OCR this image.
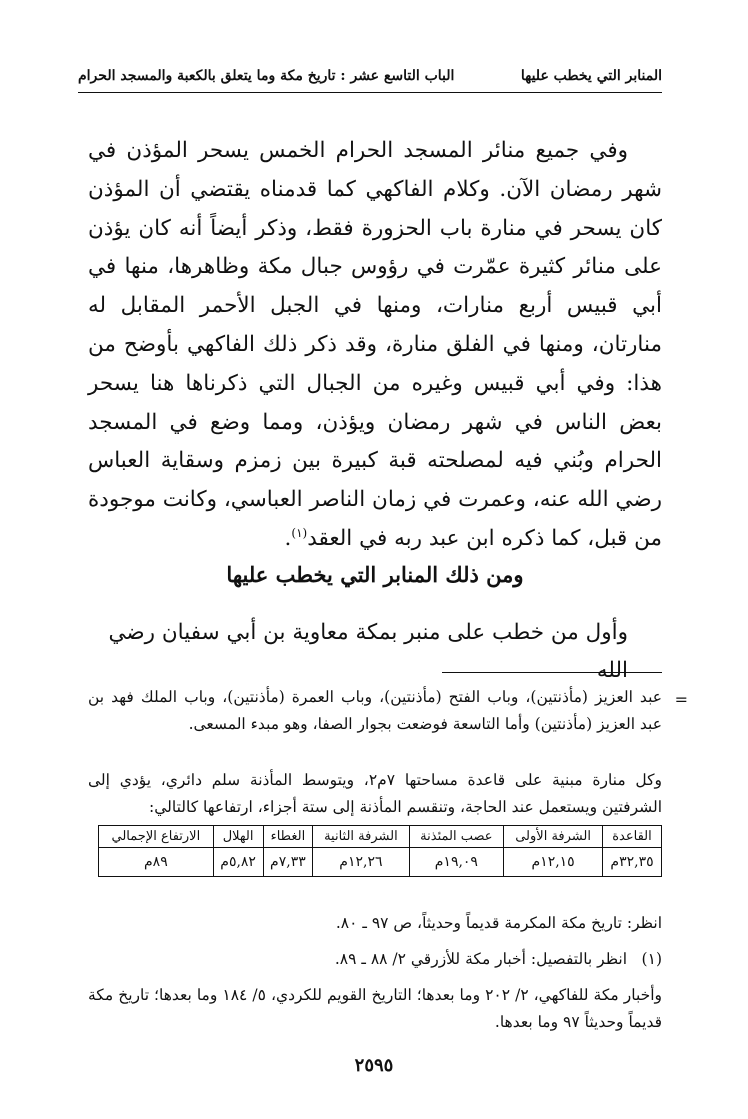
المنابر التي يخطب عليها
الباب التاسع عشر : تاريخ مكة وما يتعلق بالكعبة والمسجد الحرام

وفي جميع منائر المسجد الحرام الخمس يسحر المؤذن في شهر رمضان الآن. وكلام الفاكهي كما قدمناه يقتضي أن المؤذن كان يسحر في منارة باب الحزورة فقط، وذكر أيضاً أنه كان يؤذن على منائر كثيرة عمّرت في رؤوس جبال مكة وظاهرها، منها في أبي قبيس أربع منارات، ومنها في الجبل الأحمر المقابل له منارتان، ومنها في الفلق منارة، وقد ذكر ذلك الفاكهي بأوضح من هذا: وفي أبي قبيس وغيره من الجبال التي ذكرناها هنا يسحر بعض الناس في شهر رمضان ويؤذن، ومما وضع في المسجد الحرام وبُني فيه لمصلحته قبة كبيرة بين زمزم وسقاية العباس رضي الله عنه، وعمرت في زمان الناصر العباسي، وكانت موجودة من قبل، كما ذكره ابن عبد ربه في العقد$^{(١)}$.

ومن ذلك المنابر التي يخطب عليها
وأول من خطب على منبر بمكة معاوية بن أبي سفيان رضي الله
=

عبد العزيز (مأذنتين)، وباب الفتح (مأذنتين)، وباب العمرة (مأذنتين)، وباب الملك فهد بن عبد العزيز (مأذنتين) وأما التاسعة فوضعت بجوار الصفا، وهو مبدء المسعى.

وكل منارة مبنية على قاعدة مساحتها ٧م٢، ويتوسط المأذنة سلم دائري، يؤدي إلى الشرفتين ويستعمل عند الحاجة، وتنقسم المأذنة إلى ستة أجزاء، ارتفاعها كالتالي:

القاعدة	الشرفة الأولى	عصب المئذنة	الشرفة الثانية	الغطاء	الهلال	الارتفاع الإجمالي
٣٢,٣٥م	١٢,١٥م	١٩,٠٩م	١٢,٢٦م	٧,٣٣م	٥,٨٢م	٨٩م

انظر: تاريخ مكة المكرمة قديماً وحديثاً، ص ٩٧ ـ ٨٠.

(١) انظر بالتفصيل: أخبار مكة للأزرقي ٢/ ٨٨ ـ ٨٩.

وأخبار مكة للفاكهي، ٢/ ٢٠٢ وما بعدها؛ التاريخ القويم للكردي، ٥/ ١٨٤ وما بعدها؛ تاريخ مكة قديماً وحديثاً ٩٧ وما بعدها.

٢٥٩٥
